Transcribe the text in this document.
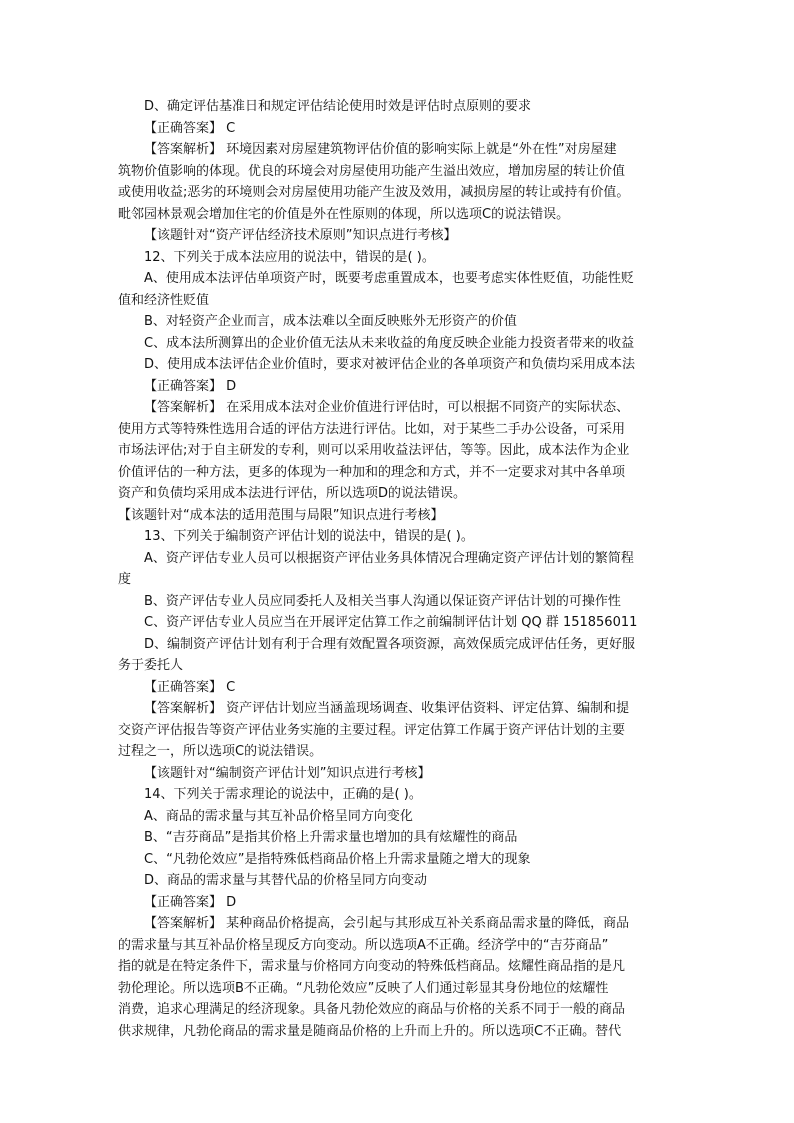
D、确定评估基准日和规定评估结论使用时效是评估时点原则的要求
【正确答案】 C
【答案解析】 环境因素对房屋建筑物评估价值的影响实际上就是“外在性”对房屋建
筑物价值影响的体现。优良的环境会对房屋使用功能产生溢出效应，增加房屋的转让价值
或使用收益;恶劣的环境则会对房屋使用功能产生波及效用，减损房屋的转让或持有价值。
毗邻园林景观会增加住宅的价值是外在性原则的体现，所以选项C的说法错误。
【该题针对“资产评估经济技术原则”知识点进行考核】
12、下列关于成本法应用的说法中，错误的是( )。
A、使用成本法评估单项资产时，既要考虑重置成本，也要考虑实体性贬值，功能性贬
值和经济性贬值
B、对轻资产企业而言，成本法难以全面反映账外无形资产的价值
C、成本法所测算出的企业价值无法从未来收益的角度反映企业能力投资者带来的收益
D、使用成本法评估企业价值时，要求对被评估企业的各单项资产和负债均采用成本法
【正确答案】 D
【答案解析】 在采用成本法对企业价值进行评估时，可以根据不同资产的实际状态、
使用方式等特殊性选用合适的评估方法进行评估。比如，对于某些二手办公设备，可采用
市场法评估;对于自主研发的专利，则可以采用收益法评估，等等。因此，成本法作为企业
价值评估的一种方法，更多的体现为一种加和的理念和方式，并不一定要求对其中各单项
资产和负债均采用成本法进行评估，所以选项D的说法错误。
【该题针对“成本法的适用范围与局限”知识点进行考核】
13、下列关于编制资产评估计划的说法中，错误的是( )。
A、资产评估专业人员可以根据资产评估业务具体情况合理确定资产评估计划的繁简程
度
B、资产评估专业人员应同委托人及相关当事人沟通以保证资产评估计划的可操作性
C、资产评估专业人员应当在开展评定估算工作之前编制评估计划 QQ 群 151856011
D、编制资产评估计划有利于合理有效配置各项资源，高效保质完成评估任务，更好服
务于委托人
【正确答案】 C
【答案解析】 资产评估计划应当涵盖现场调查、收集评估资料、评定估算、编制和提
交资产评估报告等资产评估业务实施的主要过程。评定估算工作属于资产评估计划的主要
过程之一，所以选项C的说法错误。
【该题针对“编制资产评估计划”知识点进行考核】
14、下列关于需求理论的说法中，正确的是( )。
A、商品的需求量与其互补品价格呈同方向变化
B、“吉芬商品”是指其价格上升需求量也增加的具有炫耀性的商品
C、“凡勃伦效应”是指特殊低档商品价格上升需求量随之增大的现象
D、商品的需求量与其替代品的价格呈同方向变动
【正确答案】 D
【答案解析】 某种商品价格提高，会引起与其形成互补关系商品需求量的降低，商品
的需求量与其互补品价格呈现反方向变动。所以选项A不正确。经济学中的“吉芬商品”
指的就是在特定条件下，需求量与价格同方向变动的特殊低档商品。炫耀性商品指的是凡
勃伦理论。所以选项B不正确。“凡勃伦效应”反映了人们通过彰显其身份地位的炫耀性
消费，追求心理满足的经济现象。具备凡勃伦效应的商品与价格的关系不同于一般的商品
供求规律，凡勃伦商品的需求量是随商品价格的上升而上升的。所以选项C不正确。替代
